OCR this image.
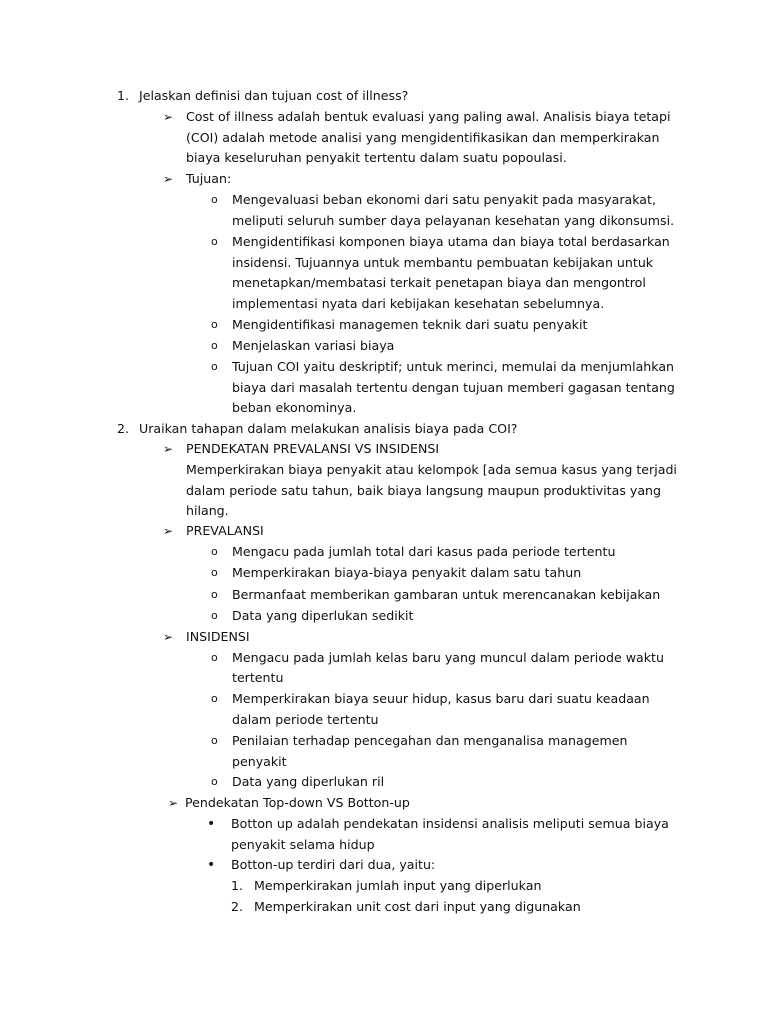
1. Jelaskan definisi dan tujuan cost of illness?
➢ Cost of illness adalah bentuk evaluasi yang paling awal. Analisis biaya tetapi
(COI) adalah metode analisi yang mengidentifikasikan dan memperkirakan
biaya keseluruhan penyakit tertentu dalam suatu popoulasi.
➢ Tujuan:
o Mengevaluasi beban ekonomi dari satu penyakit pada masyarakat,
meliputi seluruh sumber daya pelayanan kesehatan yang dikonsumsi.
o Mengidentifikasi komponen biaya utama dan biaya total berdasarkan
insidensi. Tujuannya untuk membantu pembuatan kebijakan untuk
menetapkan/membatasi terkait penetapan biaya dan mengontrol
implementasi nyata dari kebijakan kesehatan sebelumnya.
o Mengidentifikasi managemen teknik dari suatu penyakit
o Menjelaskan variasi biaya
o Tujuan COI yaitu deskriptif; untuk merinci, memulai da menjumlahkan
biaya dari masalah tertentu dengan tujuan memberi gagasan tentang
beban ekonominya.
2. Uraikan tahapan dalam melakukan analisis biaya pada COI?
➢ PENDEKATAN PREVALANSI VS INSIDENSI
Memperkirakan biaya penyakit atau kelompok [ada semua kasus yang terjadi
dalam periode satu tahun, baik biaya langsung maupun produktivitas yang
hilang.
➢ PREVALANSI
o Mengacu pada jumlah total dari kasus pada periode tertentu
o Memperkirakan biaya-biaya penyakit dalam satu tahun
o Bermanfaat memberikan gambaran untuk merencanakan kebijakan
o Data yang diperlukan sedikit
➢ INSIDENSI
o Mengacu pada jumlah kelas baru yang muncul dalam periode waktu
tertentu
o Memperkirakan biaya seuur hidup, kasus baru dari suatu keadaan
dalam periode tertentu
o Penilaian terhadap pencegahan dan menganalisa managemen
penyakit
o Data yang diperlukan ril
➢ Pendekatan Top-down VS Botton-up
• Botton up adalah pendekatan insidensi analisis meliputi semua biaya
penyakit selama hidup
• Botton-up terdiri dari dua, yaitu:
1. Memperkirakan jumlah input yang diperlukan
2. Memperkirakan unit cost dari input yang digunakan
